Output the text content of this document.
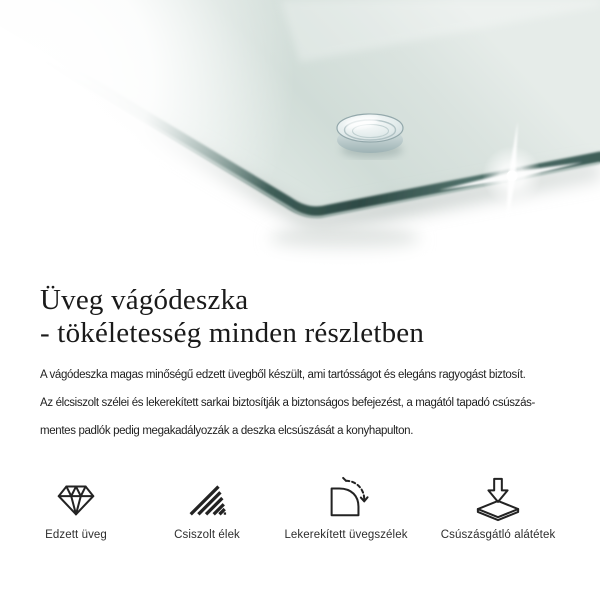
Üveg vágódeszka
- tökéletesség minden részletben
A vágódeszka magas minőségű edzett üvegből készült, ami tartósságot és elegáns ragyogást biztosít.
Az élcsiszolt szélei és lekerekített sarkai biztosítják a biztonságos befejezést, a magától tapadó csúszás-
mentes padlók pedig megakadályozzák a deszka elcsúszását a konyhapulton.
Edzett üveg	Csiszolt élek	Lekerekített üvegszélek	Csúszásgátló alátétek
